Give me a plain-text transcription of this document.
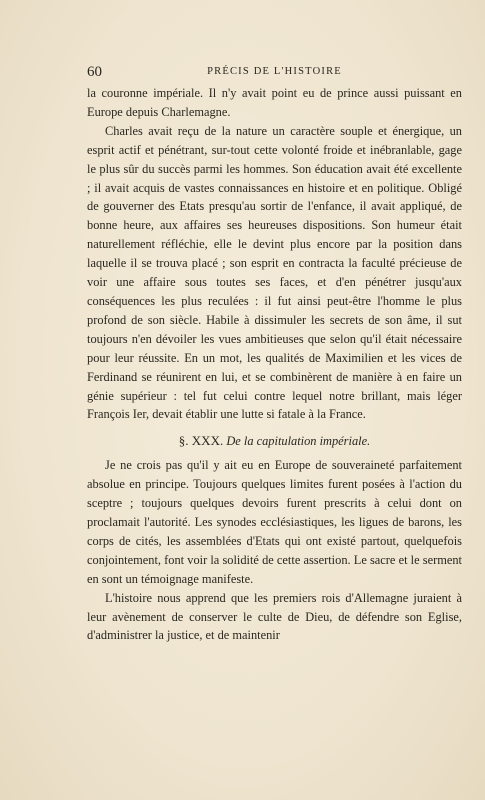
60	PRÉCIS DE L'HISTOIRE

la couronne impériale. Il n'y avait point eu de prince aussi puissant en Europe depuis Charlemagne.

Charles avait reçu de la nature un caractère souple et énergique, un esprit actif et pénétrant, sur-tout cette volonté froide et inébranlable, gage le plus sûr du succès parmi les hommes. Son éducation avait été excellente ; il avait acquis de vastes connaissances en histoire et en politique. Obligé de gouverner des Etats presqu'au sortir de l'enfance, il avait appliqué, de bonne heure, aux affaires ses heureuses dispositions. Son humeur était naturellement réfléchie, elle le devint plus encore par la position dans laquelle il se trouva placé ; son esprit en contracta la faculté précieuse de voir une affaire sous toutes ses faces, et d'en pénétrer jusqu'aux conséquences les plus reculées : il fut ainsi peut-être l'homme le plus profond de son siècle. Habile à dissimuler les secrets de son âme, il sut toujours n'en dévoiler les vues ambitieuses que selon qu'il était nécessaire pour leur réussite. En un mot, les qualités de Maximilien et les vices de Ferdinand se réunirent en lui, et se combinèrent de manière à en faire un génie supérieur : tel fut celui contre lequel notre brillant, mais léger François Ier, devait établir une lutte si fatale à la France.

§. XXX. De la capitulation impériale.

Je ne crois pas qu'il y ait eu en Europe de souveraineté parfaitement absolue en principe. Toujours quelques limites furent posées à l'action du sceptre ; toujours quelques devoirs furent prescrits à celui dont on proclamait l'autorité. Les synodes ecclésiastiques, les ligues de barons, les corps de cités, les assemblées d'Etats qui ont existé partout, quelquefois conjointement, font voir la solidité de cette assertion. Le sacre et le serment en sont un témoignage manifeste.

L'histoire nous apprend que les premiers rois d'Allemagne juraient à leur avènement de conserver le culte de Dieu, de défendre son Eglise, d'administrer la justice, et de maintenir
